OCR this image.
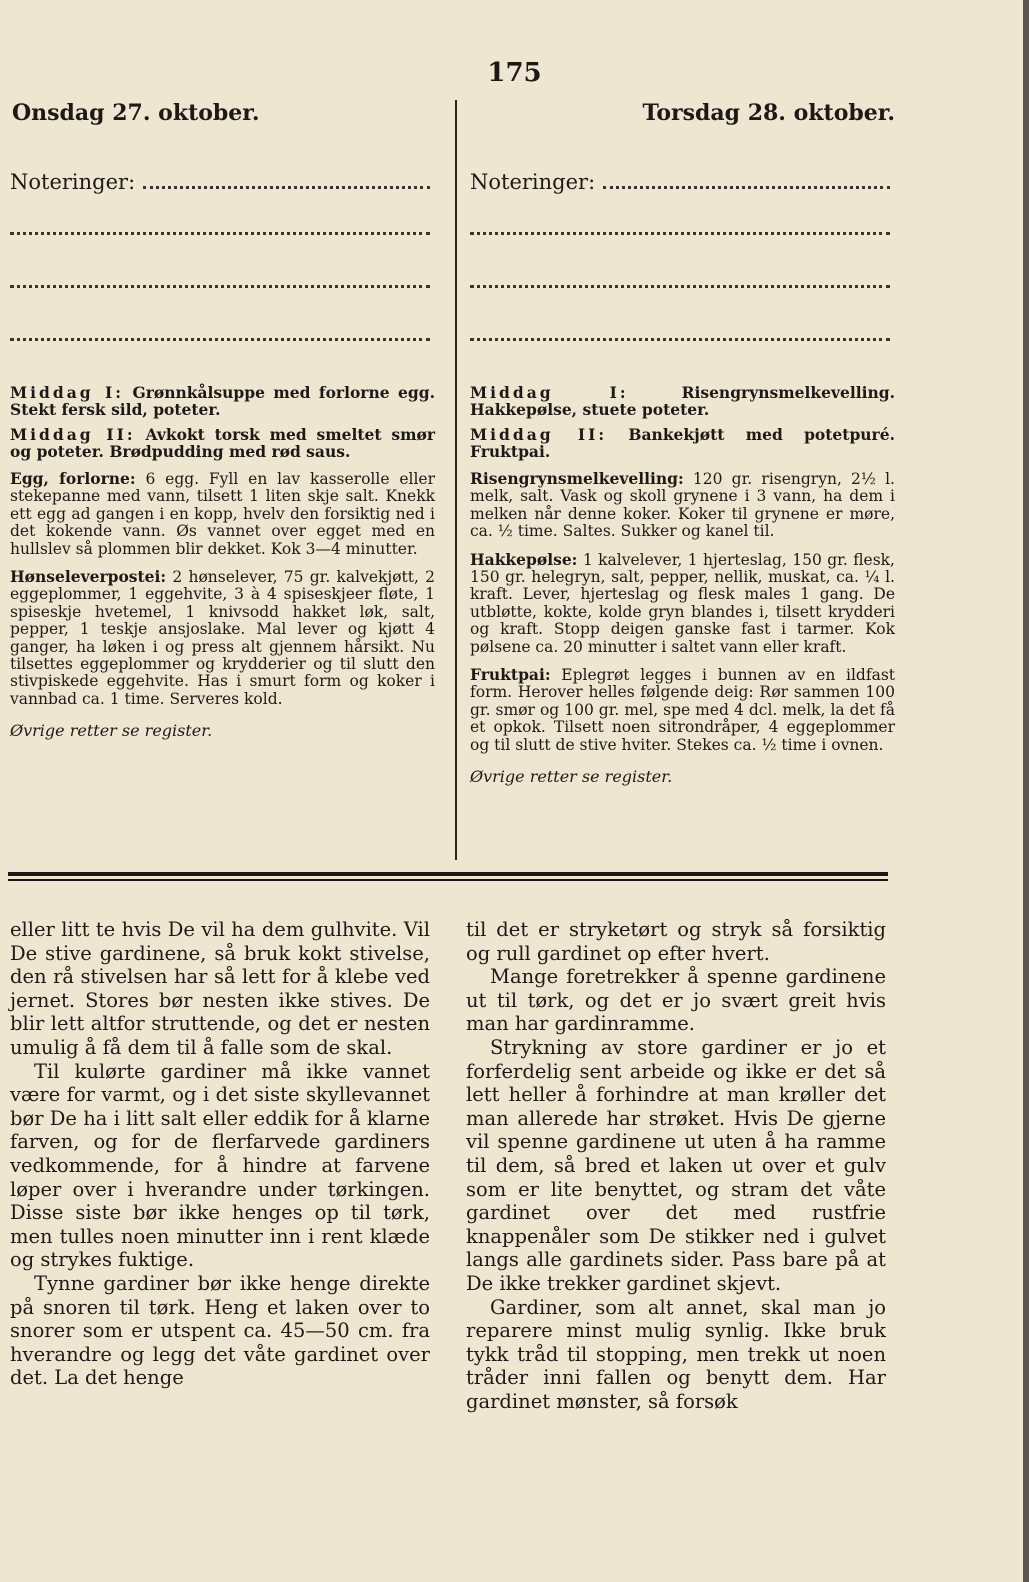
175
Onsdag 27. oktober.	Torsdag 28. oktober.
Noteringer:

Middag I: Grønnkålsuppe med forlorne egg. Stekt fersk sild, poteter.

Middag II: Avkokt torsk med smeltet smør og poteter. Brødpudding med rød saus.

Egg, forlorne: 6 egg. Fyll en lav kasserolle eller stekepanne med vann, tilsett 1 liten skje salt. Knekk ett egg ad gangen i en kopp, hvelv den forsiktig ned i det kokende vann. Øs vannet over egget med en hullslev så plommen blir dekket. Kok 3—4 minutter.

Hønseleverpostei: 2 hønselever, 75 gr. kalvekjøtt, 2 eggeplommer, 1 eggehvite, 3 à 4 spiseskjeer fløte, 1 spiseskje hvetemel, 1 knivsodd hakket løk, salt, pepper, 1 teskje ansjoslake. Mal lever og kjøtt 4 ganger, ha løken i og press alt gjennem hårsikt. Nu tilsettes eggeplommer og krydderier og til slutt den stivpiskede eggehvite. Has i smurt form og koker i vannbad ca. 1 time. Serveres kold.

Øvrige retter se register.
Noteringer:

Middag I:	Risengrynsmelkevelling. Hakkepølse, stuete poteter.

Middag II: Bankekjøtt med potetpuré. Fruktpai.

Risengrynsmelkevelling: 120 gr. risengryn, 2½ l. melk, salt. Vask og skoll grynene i 3 vann, ha dem i melken når denne koker. Koker til grynene er møre, ca. ½ time. Saltes. Sukker og kanel til.

Hakkepølse: 1 kalvelever, 1 hjerteslag, 150 gr. flesk, 150 gr. helegryn, salt, pepper, nellik, muskat, ca. ¼ l. kraft. Lever, hjerteslag og flesk males 1 gang. De utbløtte, kokte, kolde gryn blandes i, tilsett krydderi og kraft. Stopp deigen ganske fast i tarmer. Kok pølsene ca. 20 minutter i saltet vann eller kraft.

Fruktpai: Eplegrøt legges i bunnen av en ildfast form. Herover helles følgende deig: Rør sammen 100 gr. smør og 100 gr. mel, spe med 4 dcl. melk, la det få et opkok. Tilsett noen sitrondråper, 4 eggeplommer og til slutt de stive hviter. Stekes ca. ½ time i ovnen.

Øvrige retter se register.

eller litt te hvis De vil ha dem gulhvite. Vil De stive gardinene, så bruk kokt stivelse, den rå stivelsen har så lett for å klebe ved jernet. Stores bør nesten ikke stives. De blir lett altfor struttende, og det er nesten umulig å få dem til å falle som de skal.

Til kulørte gardiner må ikke vannet være for varmt, og i det siste skyllevannet bør De ha i litt salt eller eddik for å klarne farven, og for de flerfarvede gardiners vedkommende, for å hindre at farvene løper over i hverandre under tørkingen. Disse siste bør ikke henges op til tørk, men tulles noen minutter inn i rent klæde og strykes fuktige.

Tynne gardiner bør ikke henge direkte på snoren til tørk. Heng et laken over to snorer som er utspent ca. 45—50 cm. fra hverandre og legg det våte gardinet over det. La det henge

til det er stryketørt og stryk så forsiktig og rull gardinet op efter hvert.

Mange foretrekker å spenne gardinene ut til tørk, og det er jo svært greit hvis man har gardinramme.

Strykning av store gardiner er jo et forferdelig sent arbeide og ikke er det så lett heller å forhindre at man krøller det man allerede har strøket. Hvis De gjerne vil spenne gardinene ut uten å ha ramme til dem, så bred et laken ut over et gulv som er lite benyttet, og stram det våte gardinet over det med rustfrie knappenåler som De stikker ned i gulvet langs alle gardinets sider. Pass bare på at De ikke trekker gardinet skjevt.

Gardiner, som alt annet, skal man jo reparere minst mulig synlig. Ikke bruk tykk tråd til stopping, men trekk ut noen tråder inni fallen og benytt dem. Har gardinet mønster, så forsøk
